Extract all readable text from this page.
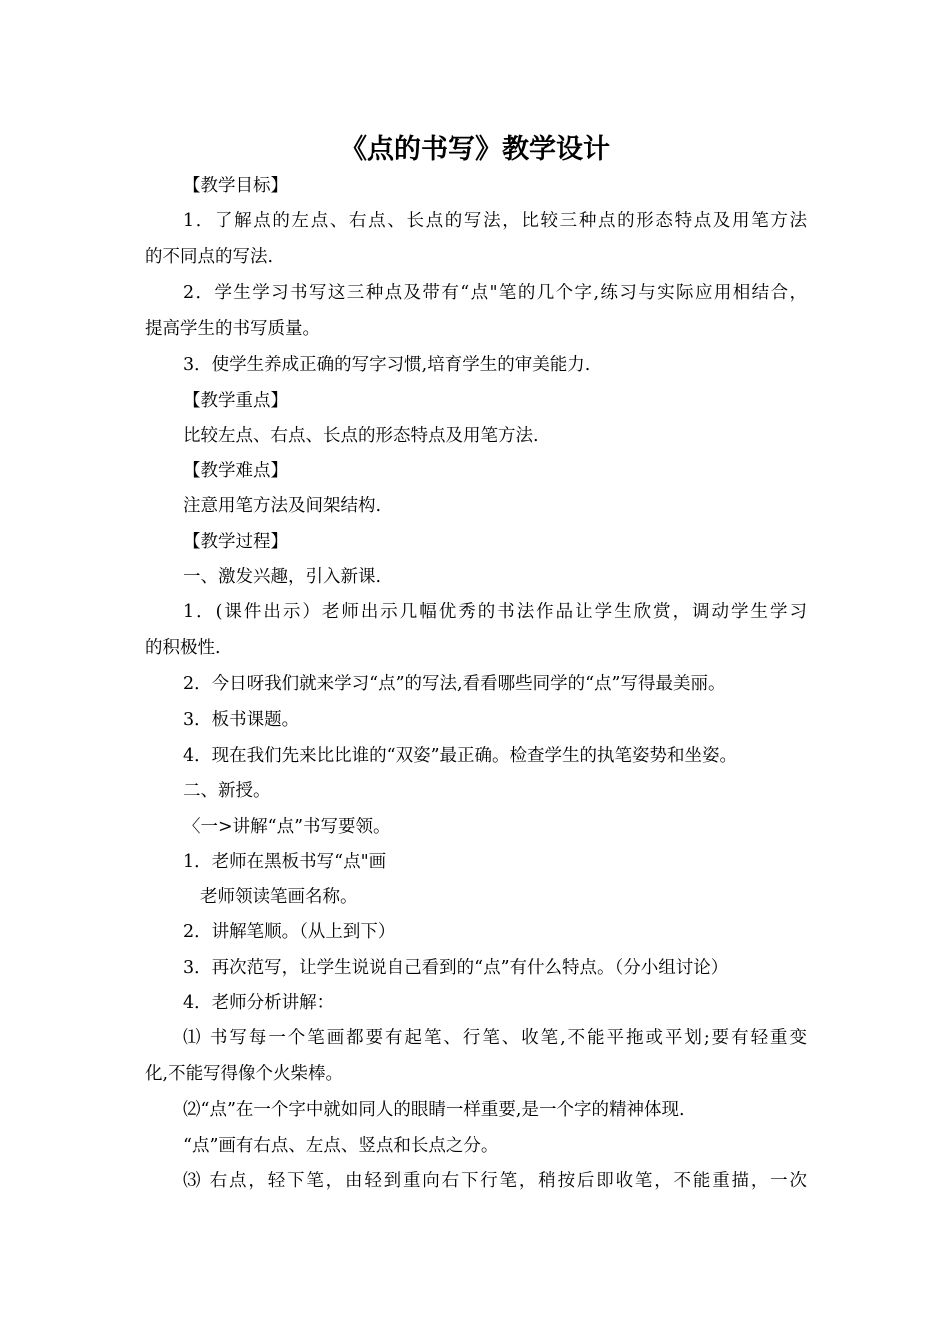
《点的书写》教学设计
【教学目标】
1．了解点的左点、右点、长点的写法，比较三种点的形态特点及用笔方法
的不同点的写法.
2．学生学习书写这三种点及带有“点"笔的几个字,练习与实际应用相结合，
提高学生的书写质量。
3．使学生养成正确的写字习惯,培育学生的审美能力.
【教学重点】
比较左点、右点、长点的形态特点及用笔方法.
【教学难点】
注意用笔方法及间架结构.
【教学过程】
一、激发兴趣，引入新课.
1．(课件出示）老师出示几幅优秀的书法作品让学生欣赏，调动学生学习
的积极性.
2．今日呀我们就来学习“点”的写法,看看哪些同学的“点”写得最美丽。
3．板书课题。
4．现在我们先来比比谁的“双姿”最正确。检查学生的执笔姿势和坐姿。
二、新授。
〈一>讲解“点”书写要领。
1．老师在黑板书写“点"画
老师领读笔画名称。
2．讲解笔顺。（从上到下）
3．再次范写，让学生说说自己看到的“点”有什么特点。（分小组讨论）
4．老师分析讲解：
⑴ 书写每一个笔画都要有起笔、行笔、收笔,不能平拖或平划;要有轻重变
化,不能写得像个火柴棒。
⑵“点”在一个字中就如同人的眼睛一样重要,是一个字的精神体现.
“点”画有右点、左点、竖点和长点之分。
⑶ 右点，轻下笔，由轻到重向右下行笔，稍按后即收笔，不能重描，一次
